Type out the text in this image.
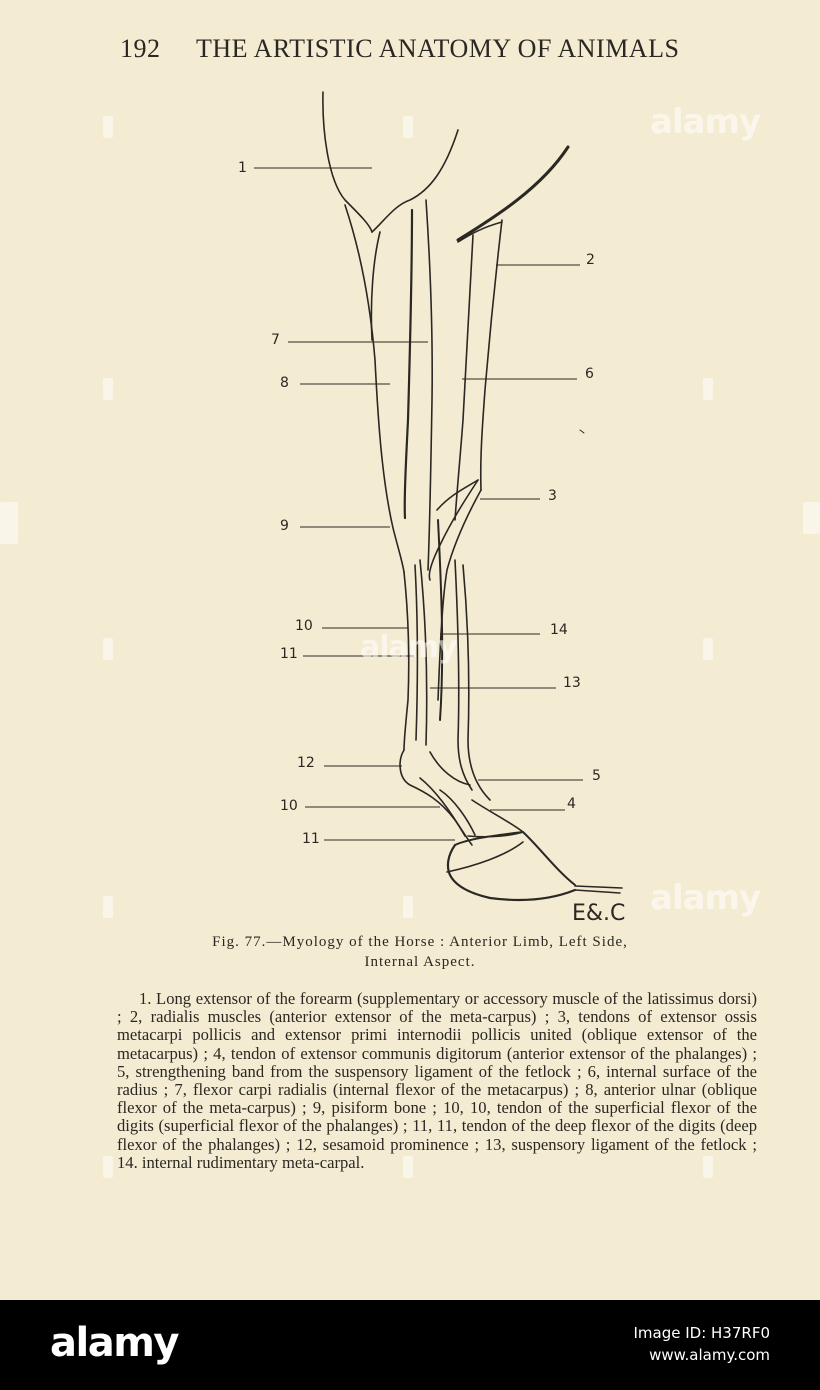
192 THE ARTISTIC ANATOMY OF ANIMALS
1
2
7
8
6
3
9
10	14
11
13
12
5
10	4
11
E&.C
Fig. 77.—Myology of the Horse : Anterior Limb, Left Side,
Internal Aspect.
1. Long extensor of the forearm (supplementary or accessory muscle of the latissimus dorsi) ; 2, radialis muscles (anterior extensor of the meta-carpus) ; 3, tendons of extensor ossis metacarpi pollicis and extensor primi internodii pollicis united (oblique extensor of the metacarpus) ; 4, tendon of extensor communis digitorum (anterior extensor of the phalanges) ; 5, strengthening band from the suspensory ligament of the fetlock ; 6, internal surface of the radius ; 7, flexor carpi radialis (internal flexor of the metacarpus) ; 8, anterior ulnar (oblique flexor of the meta-carpus) ; 9, pisiform bone ; 10, 10, tendon of the superficial flexor of the digits (superficial flexor of the phalanges) ; 11, 11, tendon of the deep flexor of the digits (deep flexor of the phalanges) ; 12, sesamoid prominence ; 13, suspensory ligament of the fetlock ; 14. internal rudimentary meta-carpal.
alamy
alamy
alamy
alamy	Image ID: H37RF0
www.alamy.com
